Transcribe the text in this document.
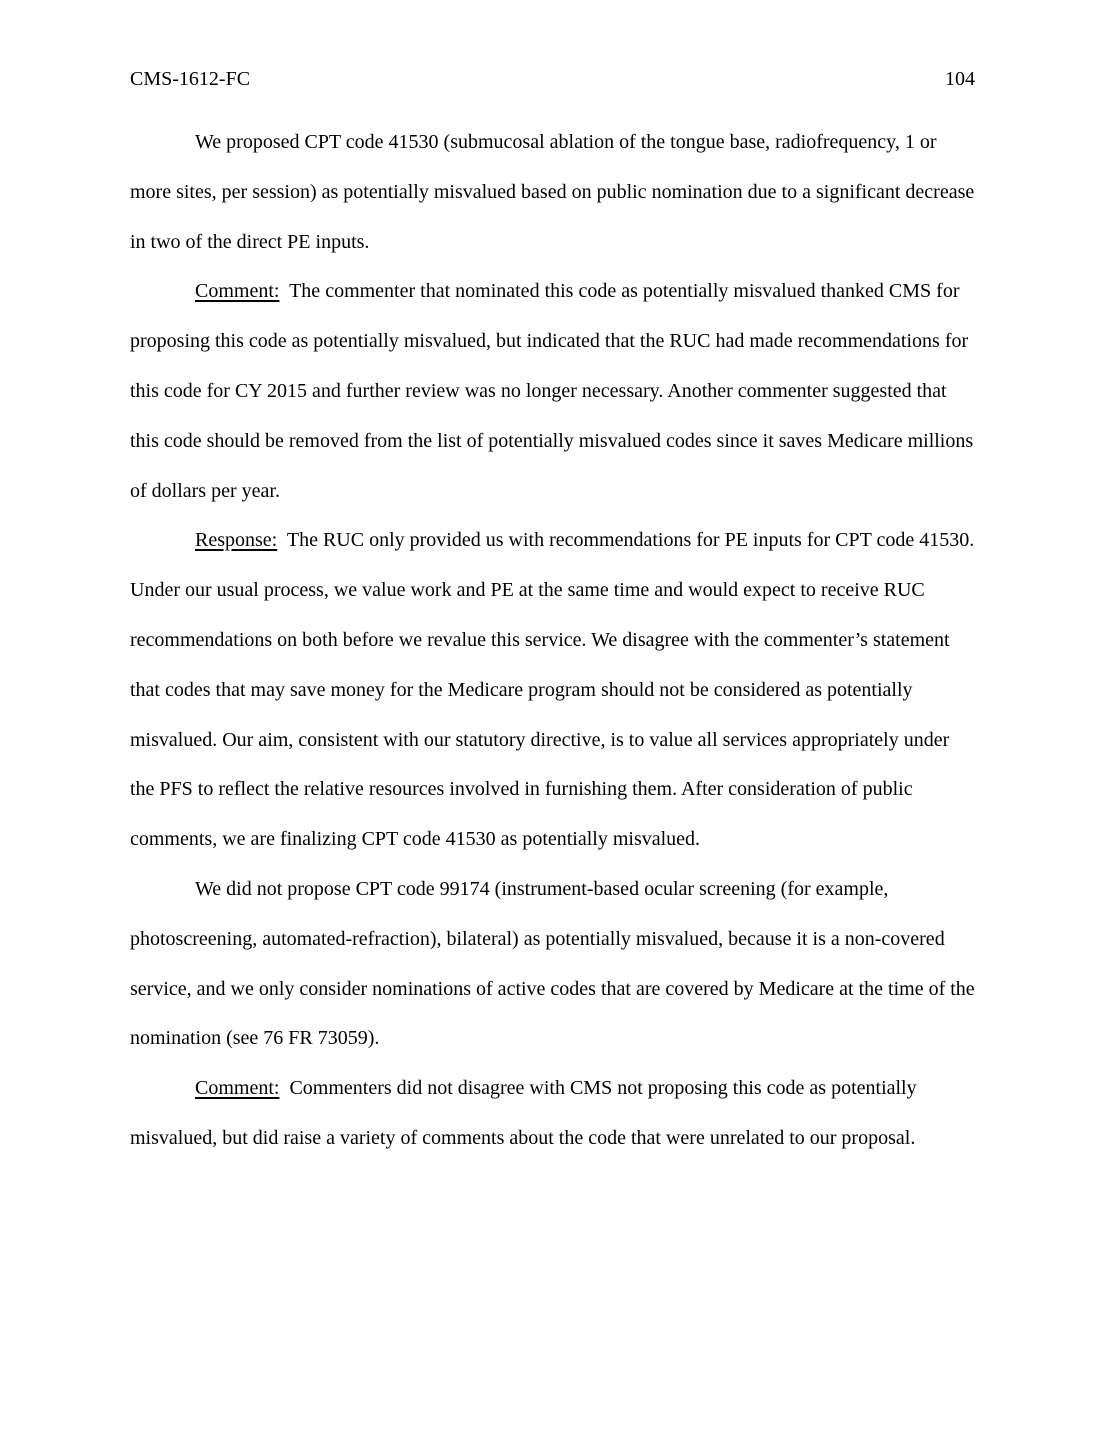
CMS-1612-FC	104

We proposed CPT code 41530 (submucosal ablation of the tongue base, radiofrequency, 1 or more sites, per session) as potentially misvalued based on public nomination due to a significant decrease in two of the direct PE inputs.

Comment: The commenter that nominated this code as potentially misvalued thanked CMS for proposing this code as potentially misvalued, but indicated that the RUC had made recommendations for this code for CY 2015 and further review was no longer necessary. Another commenter suggested that this code should be removed from the list of potentially misvalued codes since it saves Medicare millions of dollars per year.

Response: The RUC only provided us with recommendations for PE inputs for CPT code 41530. Under our usual process, we value work and PE at the same time and would expect to receive RUC recommendations on both before we revalue this service. We disagree with the commenter’s statement that codes that may save money for the Medicare program should not be considered as potentially misvalued. Our aim, consistent with our statutory directive, is to value all services appropriately under the PFS to reflect the relative resources involved in furnishing them. After consideration of public comments, we are finalizing CPT code 41530 as potentially misvalued.

We did not propose CPT code 99174 (instrument-based ocular screening (for example, photoscreening, automated-refraction), bilateral) as potentially misvalued, because it is a non-covered service, and we only consider nominations of active codes that are covered by Medicare at the time of the nomination (see 76 FR 73059).

Comment: Commenters did not disagree with CMS not proposing this code as potentially misvalued, but did raise a variety of comments about the code that were unrelated to our proposal.
